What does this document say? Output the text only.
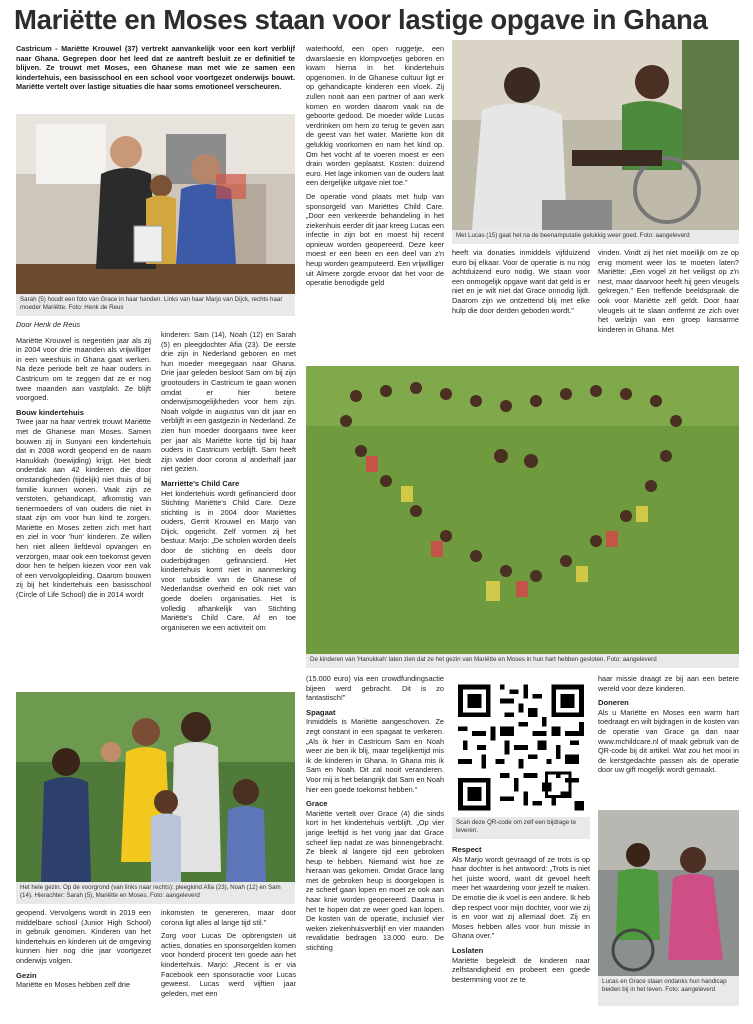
Mariëtte en Moses staan voor lastige opgave in Ghana

Castricum - Mariëtte Krouwel (37) vertrekt aanvankelijk voor een kort verblijf naar Ghana. Gegrepen door het leed dat ze aantreft besluit ze er definitief te blijven. Ze trouwt met Moses, een Ghanese man met wie ze samen een kindertehuis, een basisschool en een school voor voortgezet onderwijs bouwt. Mariëtte vertelt over lastige situaties die haar soms emotioneel verscheuren.

Sarah (5) houdt een foto van Grace in haar handen. Links van haar Marjo van Dijck, rechts haar moeder Mariëtte. Foto: Henk de Reus

Door Henk de Reus

Mariëtte Krouwel is negentien jaar als zij in 2004 voor drie maanden als vrijwilliger in een weeshuis in Ghana gaat werken. Na deze periode belt ze haar ouders in Castricum om te zeggen dat ze er nog twee maanden aan vastplakt. Ze blijft voorgoed.

Bouw kindertehuis

Twee jaar na haar vertrek trouwt Mariëtte met de Ghanese man Moses. Samen bouwen zij in Sunyani een kindertehuis dat in 2008 wordt geopend en de naam Hanukkah (toewijding) krijgt. Het biedt onderdak aan 42 kinderen die door omstandigheden (tijdelijk) niet thuis of bij familie kunnen wonen. Vaak zijn ze verstoten, gehandicapt, afkomstig van tienermoeders of van ouders die niet in staat zijn om voor hun kind te zorgen. Mariëtte en Moses zetten zich met hart en ziel in voor 'hun' kinderen. Ze willen hen niet alleen liefdevol opvangen en verzorgen, maar ook een toekomst geven door hen te helpen kiezen voor een vak of een vervolgopleiding. Daarom bouwen zij bij het kindertehuis een basisschool (Circle of Life School) die in 2014 wordt

kinderen: Sam (14), Noah (12) en Sarah (5) en pleegdochter Afia (23). De eerste drie zijn in Nederland geboren en met hun moeder meegegaan naar Ghana. Drie jaar geleden besloot Sam om bij zijn grootouders in Castricum te gaan wonen omdat er hier betere onderwijsmogelijkheden voor hem zijn. Noah volgde in augustus van dit jaar en verblijft in een gastgezin in Nederland. Ze zien hun moeder doorgaans twee keer per jaar als Mariëtte korte tijd bij haar ouders in Castricum verblijft. Sam heeft zijn vader door corona al anderhalf jaar niet gezien.

Marriëtte's Child Care

Het kindertehuis wordt gefinancierd door Stichting Mariëtte's Child Care. Deze stichting is in 2004 door Mariëttes ouders, Gerrit Krouwel en Marjo van Dijck, opgericht. Zelf vormen zij het bestuur. Marjo: „De scholen worden deels door de stichting en deels door ouderbijdragen gefinancierd. Het kindertehuis komt niet in aanmerking voor subsidie van de Ghanese of Nederlandse overheid en ook niet van goede doelen organisaties. Het is volledig afhankelijk van Stichting Mariëtte's Child Care. Af en toe organiseren we een activiteit om

waterhoofd, een open ruggetje, een dwarslaesie en klompvoetjes geboren en kwam hierna in het kindertehuis opgenomen. In de Ghanese cultuur ligt er op gehandicapte kinderen een vloek. Zij zullen nooit aan een partner of aan werk komen en worden daarom vaak na de geboorte gedood. De moeder wilde Lucas verdrinken om hem zo terug te geven aan de geest van het water. Mariëtte kon dit gelukkig voorkomen en nam het kind op. Om het vocht af te voeren moest er een drain worden geplaatst. Kosten: duizend euro. Het lage inkomen van de ouders laat een dergelijke uitgave niet toe."

De operatie vond plaats met hulp van sponsorgeld van Mariëttes Child Care. „Door een verkeerde behandeling in het ziekenhuis eerder dit jaar kreeg Lucas een infectie in zijn bot en moest hij recent opnieuw worden geopereerd. Deze keer moest er een been en een deel van z'n heup worden geamputeerd. Een vrijwilliger uit Almere zorgde ervoor dat het voor de operatie benodigde geld

Met Lucas (15) gaat het na de beenamputatie gelukkig weer goed. Foto: aangeleverd

heeft via donaties inmiddels vijfduizend euro bij elkaar. Voor de operatie is nu nog achtduizend euro nodig. We staan voor een onmogelijk opgave want dat geld is er niet en je wilt niet dat Grace onnodig lijdt. Daarom zijn we ontzettend blij met elke hulp die door derden geboden wordt."

vinden. Vindt zij het niet moeilijk om ze op enig moment weer los te moeten laten? Mariëtte: „Een vogel zit het veiligst op z'n nest, maar daarvoor heeft hij geen vleugels gekregen." Een treffende beeldspraak die ook voor Mariëtte zelf geldt. Door haar vleugels uit te slaan ontfermt ze zich over het welzijn van een groep kansarme kinderen in Ghana. Met

De kinderen van 'Hanukkah' laten zien dat ze het gezin van Mariëtte en Moses in hun hart hebben gesloten. Foto: aangeleverd
Het hele gezin. Op de voorgrond (van links naar rechts): pleegkind Afia (23), Noah (12) en Sam (14). Hierachter: Sarah (5), Mariëtte en Moses. Foto: aangeleverd

geopend. Vervolgens wordt in 2019 een middelbare school (Junior High School) in gebruik genomen. Kinderen van het kindertehuis en kinderen uit de omgeving kunnen hier nog drie jaar voortgezet onderwijs volgen.

Gezin

Mariëtte en Moses hebben zelf drie

inkomsten te genereren, maar door corona ligt alles al lange tijd stil."

Zorg voor Lucas De opbrengsten uit acties, donaties en sponsorgelden komen voor honderd procent ten goede aan het kindertehuis. Marjo: „Recent is er via Facebook een sponsoractie voor Lucas geweest. Lucas werd vijftien jaar geleden, met een

(15.000 euro) via een crowdfundingsactie bijeen werd gebracht. Dit is zo fantastisch!"

Spagaat

Inmiddels is Mariëtte aangeschoven. Ze zegt constant in een spagaat te verkeren. „Als ik hier in Castricum Sam en Noah weer zie ben ik blij, maar tegelijkertijd mis ik de kinderen in Ghana. In Ghana mis ik Sam en Noah. Dit zal nooit veranderen. Voor mij is het belangrijk dat Sam en Noah hier een goede toekomst hebben."

Grace

Mariëtte vertelt over Grace (4) die sinds kort in het kindertehuis verblijft. „Op vier jarige leeftijd is het vorig jaar dat Grace scheef liep nadat ze was binnengebracht. Ze bleek al langere tijd een gebroken heup te hebben. Niemand wist hoe ze hieraan was gekomen. Omdat Grace lang met de gebroken heup is doorgelopen is ze scheef gaan lopen en moet ze ook aan haar knie worden geopereerd. Daarna is het te hopen dat ze weer goed kan lopen. De kosten van de operatie, inclusief vier weken ziekenhuisverblijf en vier maanden revalidatie bedragen 13.000 euro. De stichting

Scan deze QR-code om zelf een bijdrage te leveren.

Respect

Als Marjo wordt gevraagd of ze trots is op haar dochter is het antwoord: „Trots is niet het juiste woord, want dit gevoel heeft meer het waardering voor jezelf te maken. De emotie die ik voel is een andere. Ik heb diep respect voor mijn dochter, voor wie zij is en voor wat zij allemaal doet. Zij en Moses hebben alles voor hun missie in Ghana over."

Loslaten

Mariëtte begeleidt de kinderen naar zelfstandigheid en probeert een goede bestemming voor ze te

haar missie draagt ze bij aan een betere wereld voor deze kinderen.

Doneren

Als u Mariëtte en Moses een warm hart toedraagt en wilt bijdragen in de kosten van de operatie van Grace ga dan naar www.mchildcare.nl of maak gebruik van de QR-code bij dit artikel. Wat zou het mooi in de kerstgedachte passen als de operatie door uw gift mogelijk wordt gemaakt.

Lucas en Grace staan ondanks hun handicap beiden bij in het leven. Foto: aangeleverd
